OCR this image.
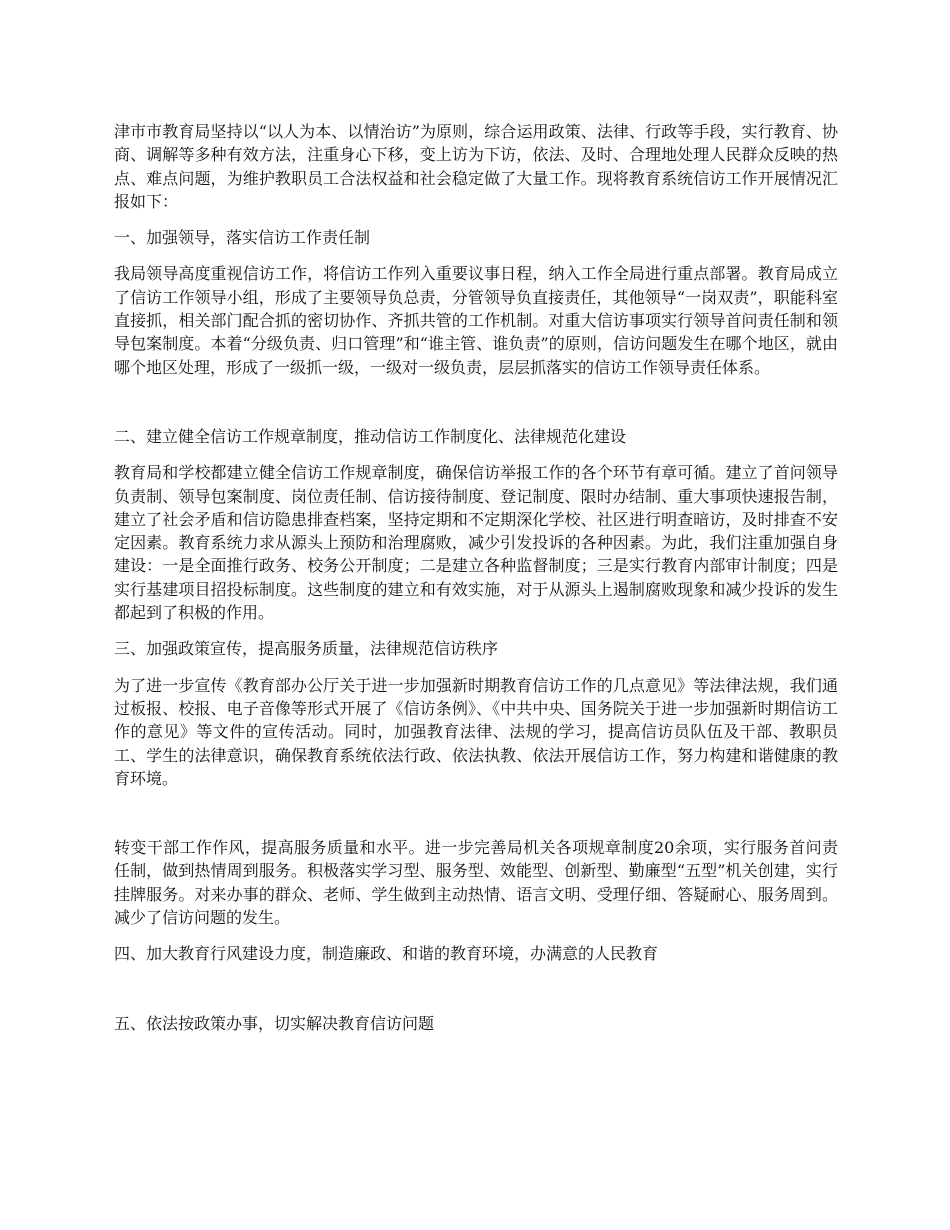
津市市教育局坚持以“以人为本、以情治访”为原则，综合运用政策、法律、行政等手段，实行教育、协商、调解等多种有效方法，注重身心下移，变上访为下访，依法、及时、合理地处理人民群众反映的热点、难点问题，为维护教职员工合法权益和社会稳定做了大量工作。现将教育系统信访工作开展情况汇报如下：

一、加强领导，落实信访工作责任制

我局领导高度重视信访工作，将信访工作列入重要议事日程，纳入工作全局进行重点部署。教育局成立了信访工作领导小组，形成了主要领导负总责，分管领导负直接责任，其他领导“一岗双责”，职能科室直接抓，相关部门配合抓的密切协作、齐抓共管的工作机制。对重大信访事项实行领导首问责任制和领导包案制度。本着“分级负责、归口管理”和“谁主管、谁负责”的原则，信访问题发生在哪个地区，就由哪个地区处理，形成了一级抓一级，一级对一级负责，层层抓落实的信访工作领导责任体系。

二、建立健全信访工作规章制度，推动信访工作制度化、法律规范化建设

教育局和学校都建立健全信访工作规章制度，确保信访举报工作的各个环节有章可循。建立了首问领导负责制、领导包案制度、岗位责任制、信访接待制度、登记制度、限时办结制、重大事项快速报告制，建立了社会矛盾和信访隐患排查档案，坚持定期和不定期深化学校、社区进行明查暗访，及时排查不安定因素。教育系统力求从源头上预防和治理腐败，减少引发投诉的各种因素。为此，我们注重加强自身建设：一是全面推行政务、校务公开制度；二是建立各种监督制度；三是实行教育内部审计制度；四是实行基建项目招投标制度。这些制度的建立和有效实施，对于从源头上遏制腐败现象和减少投诉的发生都起到了积极的作用。

三、加强政策宣传，提高服务质量，法律规范信访秩序

为了进一步宣传《教育部办公厅关于进一步加强新时期教育信访工作的几点意见》等法律法规，我们通过板报、校报、电子音像等形式开展了《信访条例》、《中共中央、国务院关于进一步加强新时期信访工作的意见》等文件的宣传活动。同时，加强教育法律、法规的学习，提高信访员队伍及干部、教职员工、学生的法律意识，确保教育系统依法行政、依法执教、依法开展信访工作，努力构建和谐健康的教育环境。

转变干部工作作风，提高服务质量和水平。进一步完善局机关各项规章制度20余项，实行服务首问责任制，做到热情周到服务。积极落实学习型、服务型、效能型、创新型、勤廉型“五型”机关创建，实行挂牌服务。对来办事的群众、老师、学生做到主动热情、语言文明、受理仔细、答疑耐心、服务周到。减少了信访问题的发生。

四、加大教育行风建设力度，制造廉政、和谐的教育环境，办满意的人民教育

五、依法按政策办事，切实解决教育信访问题
